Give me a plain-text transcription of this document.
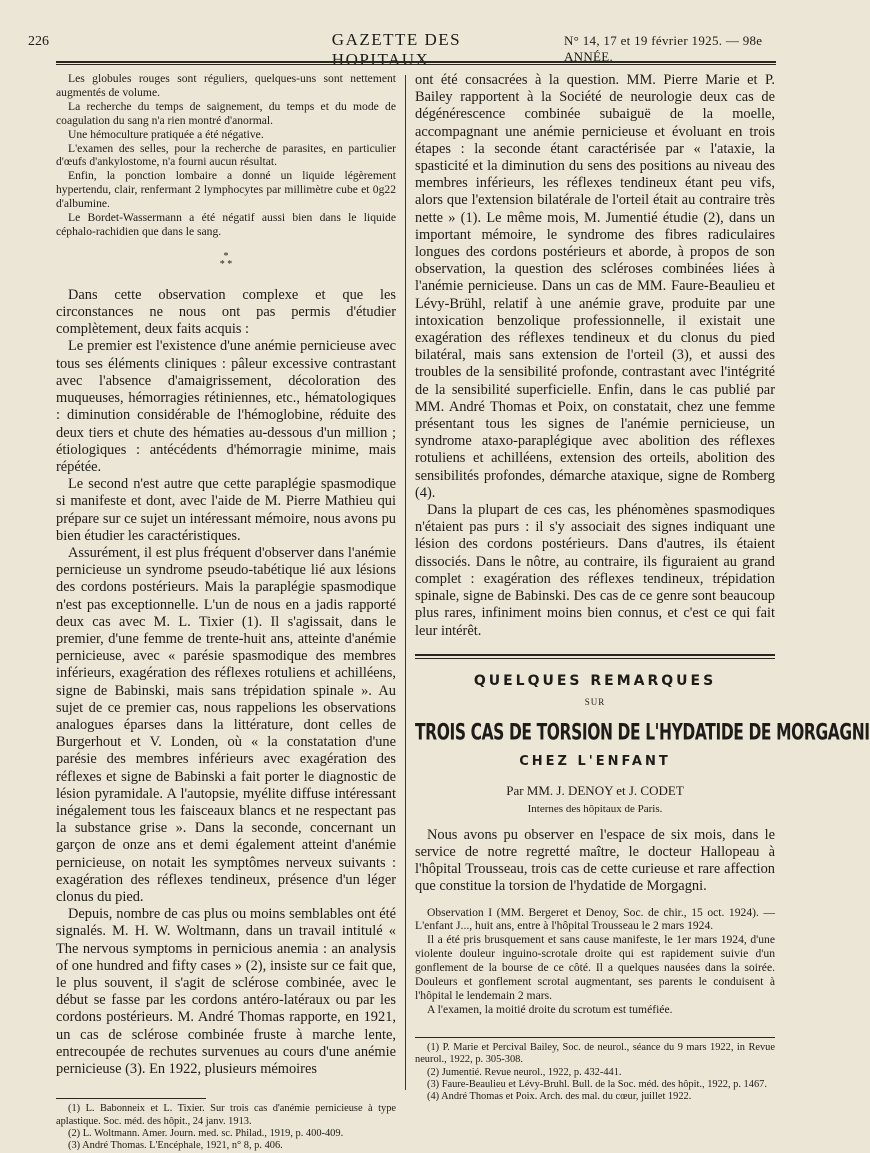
226	GAZETTE DES HOPITAUX
N° 14, 17 et 19 février 1925. — 98e ANNÉE.

Les globules rouges sont réguliers, quelques-uns sont nettement augmentés de volume.

La recherche du temps de saignement, du temps et du mode de coagulation du sang n'a rien montré d'anormal.

Une hémoculture pratiquée a été négative.

L'examen des selles, pour la recherche de parasites, en particulier d'œufs d'ankylostome, n'a fourni aucun résultat.

Enfin, la ponction lombaire a donné un liquide légèrement hypertendu, clair, renfermant 2 lymphocytes par millimètre cube et 0g22 d'albumine.

Le Bordet-Wassermann a été négatif aussi bien dans le liquide céphalo-rachidien que dans le sang.

*
* *

Dans cette observation complexe et que les circonstances ne nous ont pas permis d'étudier complètement, deux faits acquis :

Le premier est l'existence d'une anémie pernicieuse avec tous ses éléments cliniques : pâleur excessive contrastant avec l'absence d'amaigrissement, décoloration des muqueuses, hémorragies rétiniennes, etc., hématologiques : diminution considérable de l'hémoglobine, réduite des deux tiers et chute des hématies au-dessous d'un million ; étiologiques : antécédents d'hémorragie minime, mais répétée.

Le second n'est autre que cette paraplégie spasmodique si manifeste et dont, avec l'aide de M. Pierre Mathieu qui prépare sur ce sujet un intéressant mémoire, nous avons pu bien étudier les caractéristiques.

Assurément, il est plus fréquent d'observer dans l'anémie pernicieuse un syndrome pseudo-tabétique lié aux lésions des cordons postérieurs. Mais la paraplégie spasmodique n'est pas exceptionnelle. L'un de nous en a jadis rapporté deux cas avec M. L. Tixier (1). Il s'agissait, dans le premier, d'une femme de trente-huit ans, atteinte d'anémie pernicieuse, avec « parésie spasmodique des membres inférieurs, exagération des réflexes rotuliens et achilléens, signe de Babinski, mais sans trépidation spinale ». Au sujet de ce premier cas, nous rappelions les observations analogues éparses dans la littérature, dont celles de Burgerhout et V. Londen, où « la constatation d'une parésie des membres inférieurs avec exagération des réflexes et signe de Babinski a fait porter le diagnostic de lésion pyramidale. A l'autopsie, myélite diffuse intéressant inégalement tous les faisceaux blancs et ne respectant pas la substance grise ». Dans la seconde, concernant un garçon de onze ans et demi également atteint d'anémie pernicieuse, on notait les symptômes nerveux suivants : exagération des réflexes tendineux, présence d'un léger clonus du pied.

Depuis, nombre de cas plus ou moins semblables ont été signalés. M. H. W. Woltmann, dans un travail intitulé « The nervous symptoms in pernicious anemia : an analysis of one hundred and fifty cases » (2), insiste sur ce fait que, le plus souvent, il s'agit de sclérose combinée, avec le début se fasse par les cordons antéro-latéraux ou par les cordons postérieurs. M. André Thomas rapporte, en 1921, un cas de sclérose combinée fruste à marche lente, entrecoupée de rechutes survenues au cours d'une anémie pernicieuse (3). En 1922, plusieurs mémoires

(1) L. Babonneix et L. Tixier. Sur trois cas d'anémie pernicieuse à type aplastique. Soc. méd. des hôpit., 24 janv. 1913.

(2) L. Woltmann. Amer. Journ. med. sc. Philad., 1919, p. 400-409.

(3) André Thomas. L'Encéphale, 1921, n° 8, p. 406.

ont été consacrées à la question. MM. Pierre Marie et P. Bailey rapportent à la Société de neurologie deux cas de dégénérescence combinée subaiguë de la moelle, accompagnant une anémie pernicieuse et évoluant en trois étapes : la seconde étant caractérisée par « l'ataxie, la spasticité et la diminution du sens des positions au niveau des membres inférieurs, les réflexes tendineux étant peu vifs, alors que l'extension bilatérale de l'orteil était au contraire très nette » (1). Le même mois, M. Jumentié étudie (2), dans un important mémoire, le syndrome des fibres radiculaires longues des cordons postérieurs et aborde, à propos de son observation, la question des scléroses combinées liées à l'anémie pernicieuse. Dans un cas de MM. Faure-Beaulieu et Lévy-Brühl, relatif à une anémie grave, produite par une intoxication benzolique professionnelle, il existait une exagération des réflexes tendineux et du clonus du pied bilatéral, mais sans extension de l'orteil (3), et aussi des troubles de la sensibilité profonde, contrastant avec l'intégrité de la sensibilité superficielle. Enfin, dans le cas publié par MM. André Thomas et Poix, on constatait, chez une femme présentant tous les signes de l'anémie pernicieuse, un syndrome ataxo-paraplégique avec abolition des réflexes rotuliens et achilléens, extension des orteils, abolition des sensibilités profondes, démarche ataxique, signe de Romberg (4).

Dans la plupart de ces cas, les phénomènes spasmodiques n'étaient pas purs : il s'y associait des signes indiquant une lésion des cordons postérieurs. Dans d'autres, ils étaient dissociés. Dans le nôtre, au contraire, ils figuraient au grand complet : exagération des réflexes tendineux, trépidation spinale, signe de Babinski. Des cas de ce genre sont beaucoup plus rares, infiniment moins bien connus, et c'est ce qui fait leur intérêt.

QUELQUES REMARQUES
SUR
TROIS CAS DE TORSION DE L'HYDATIDE DE MORGAGNI
CHEZ L'ENFANT
Par MM. J. DENOY et J. CODET
Internes des hôpitaux de Paris.

Nous avons pu observer en l'espace de six mois, dans le service de notre regretté maître, le docteur Hallopeau à l'hôpital Trousseau, trois cas de cette curieuse et rare affection que constitue la torsion de l'hydatide de Morgagni.

Observation I (MM. Bergeret et Denoy, Soc. de chir., 15 oct. 1924). — L'enfant J..., huit ans, entre à l'hôpital Trousseau le 2 mars 1924.

Il a été pris brusquement et sans cause manifeste, le 1er mars 1924, d'une violente douleur inguino-scrotale droite qui est rapidement suivie d'un gonflement de la bourse de ce côté. Il a quelques nausées dans la soirée. Douleurs et gonflement scrotal augmentant, ses parents le conduisent à l'hôpital le lendemain 2 mars.

A l'examen, la moitié droite du scrotum est tuméfiée.

(1) P. Marie et Percival Bailey, Soc. de neurol., séance du 9 mars 1922, in Revue neurol., 1922, p. 305-308.

(2) Jumentié. Revue neurol., 1922, p. 432-441.

(3) Faure-Beaulieu et Lévy-Bruhl. Bull. de la Soc. méd. des hôpit., 1922, p. 1467.

(4) André Thomas et Poix. Arch. des mal. du cœur, juillet 1922.
